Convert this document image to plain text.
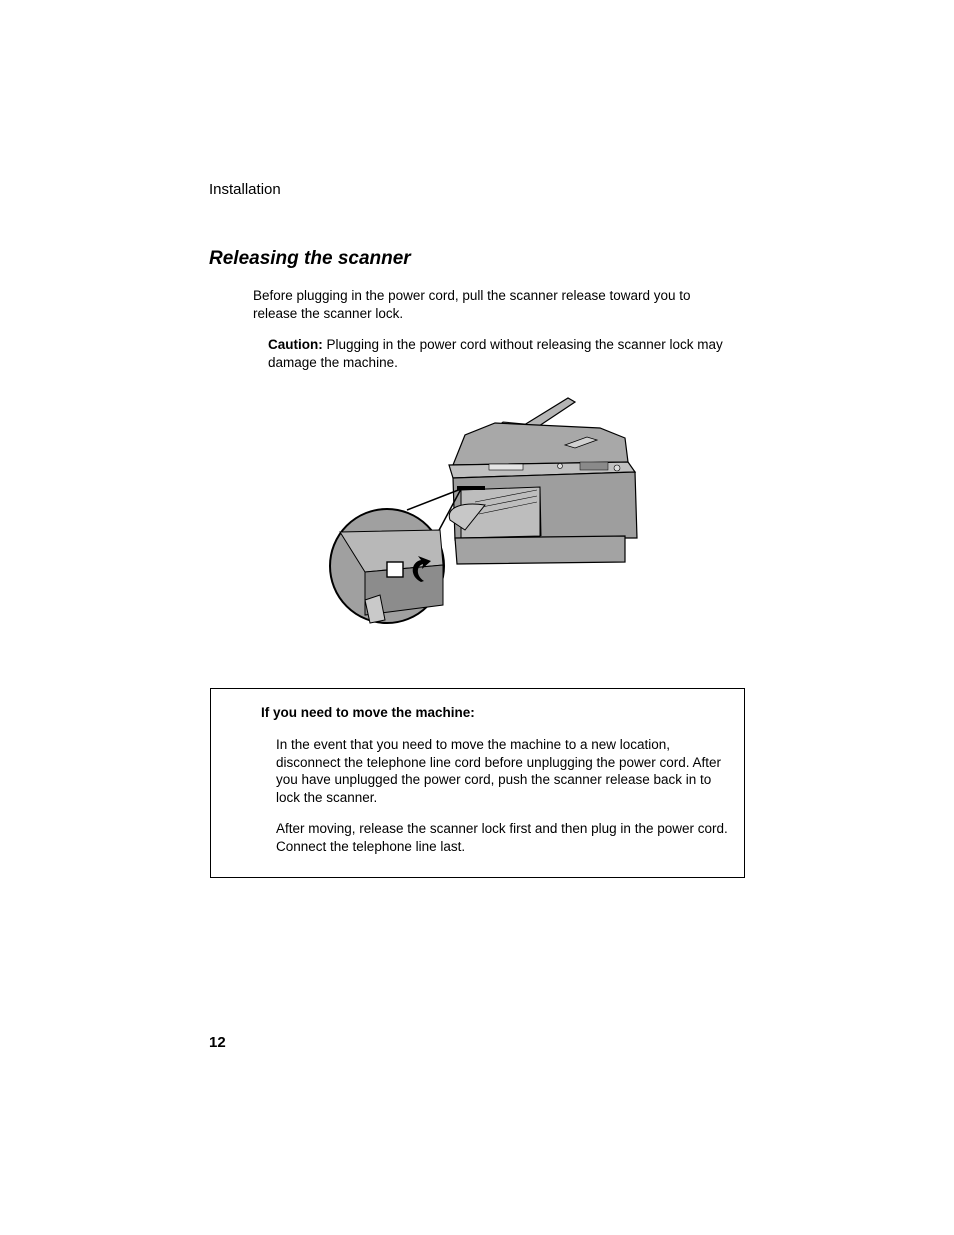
Installation
Releasing the scanner
Before plugging in the power cord, pull the scanner release toward you to release the scanner lock.
Caution: Plugging in the power cord without releasing the scanner lock may damage the machine.
If you need to move the machine:
In the event that you need to move the machine to a new location, disconnect the telephone line cord before unplugging the power cord. After you have unplugged the power cord, push the scanner release back in to lock the scanner.
After moving, release the scanner lock first and then plug in the power cord. Connect the telephone line last.
12
